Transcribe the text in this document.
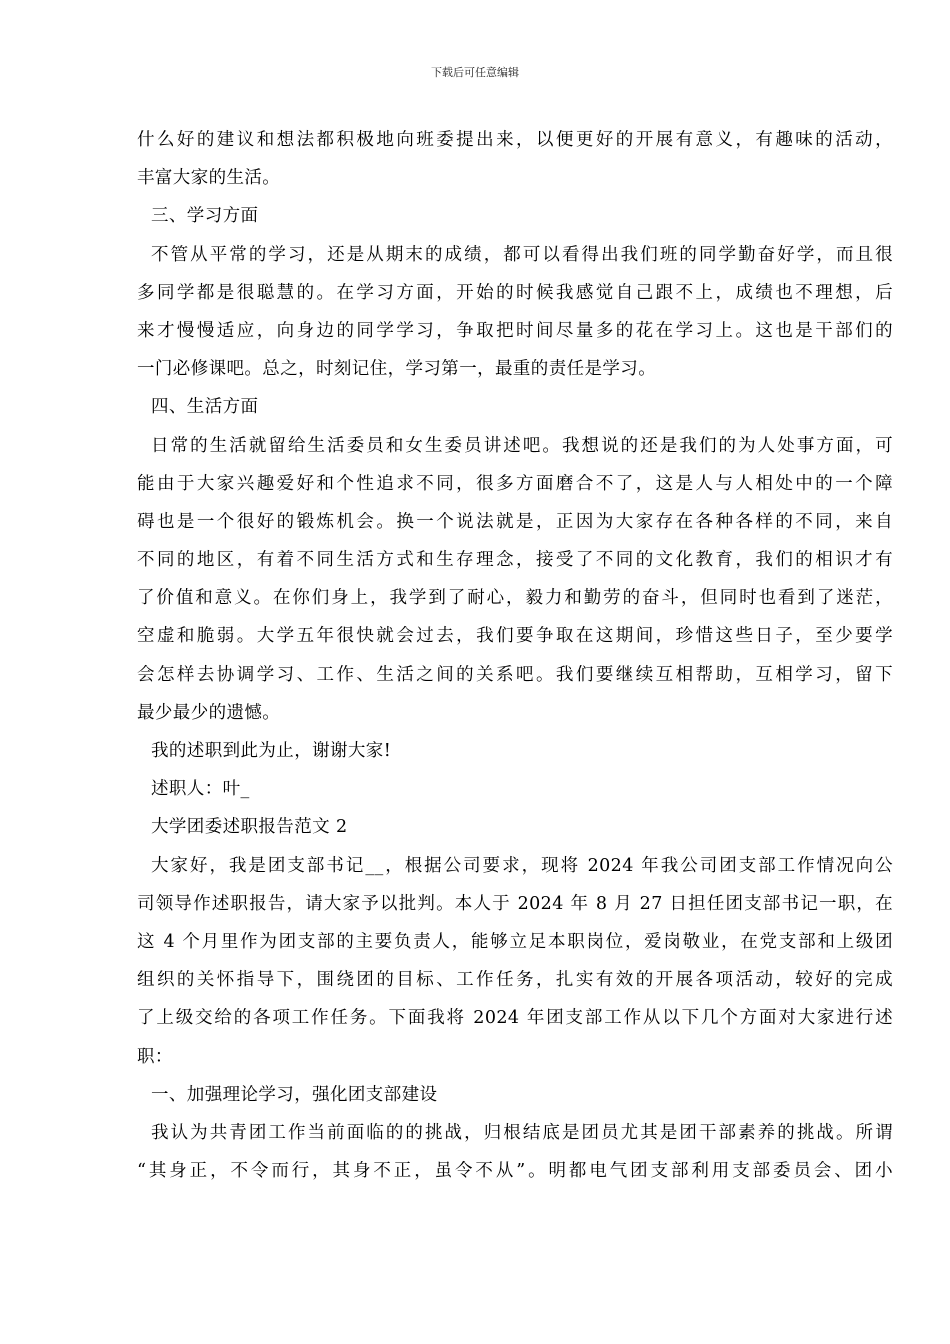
下载后可任意编辑
什么好的建议和想法都积极地向班委提出来，以便更好的开展有意义，有趣味的活动，
丰富大家的生活。
三、学习方面
不管从平常的学习，还是从期末的成绩，都可以看得出我们班的同学勤奋好学，而且很
多同学都是很聪慧的。在学习方面，开始的时候我感觉自己跟不上，成绩也不理想，后
来才慢慢适应，向身边的同学学习，争取把时间尽量多的花在学习上。这也是干部们的
一门必修课吧。总之，时刻记住，学习第一，最重的责任是学习。
四、生活方面
日常的生活就留给生活委员和女生委员讲述吧。我想说的还是我们的为人处事方面，可
能由于大家兴趣爱好和个性追求不同，很多方面磨合不了，这是人与人相处中的一个障
碍也是一个很好的锻炼机会。换一个说法就是，正因为大家存在各种各样的不同，来自
不同的地区，有着不同生活方式和生存理念，接受了不同的文化教育，我们的相识才有
了价值和意义。在你们身上，我学到了耐心，毅力和勤劳的奋斗，但同时也看到了迷茫，
空虚和脆弱。大学五年很快就会过去，我们要争取在这期间，珍惜这些日子，至少要学
会怎样去协调学习、工作、生活之间的关系吧。我们要继续互相帮助，互相学习，留下
最少最少的遗憾。
我的述职到此为止，谢谢大家!
述职人：叶_
大学团委述职报告范文 2
大家好，我是团支部书记__，根据公司要求，现将 2024 年我公司团支部工作情况向公
司领导作述职报告，请大家予以批判。本人于 2024 年 8 月 27 日担任团支部书记一职，在
这 4 个月里作为团支部的主要负责人，能够立足本职岗位，爱岗敬业，在党支部和上级团
组织的关怀指导下，围绕团的目标、工作任务，扎实有效的开展各项活动，较好的完成
了上级交给的各项工作任务。下面我将 2024 年团支部工作从以下几个方面对大家进行述
职：
一、加强理论学习，强化团支部建设
我认为共青团工作当前面临的的挑战，归根结底是团员尤其是团干部素养的挑战。所谓
“其身正，不令而行，其身不正，虽令不从”。明都电气团支部利用支部委员会、团小
